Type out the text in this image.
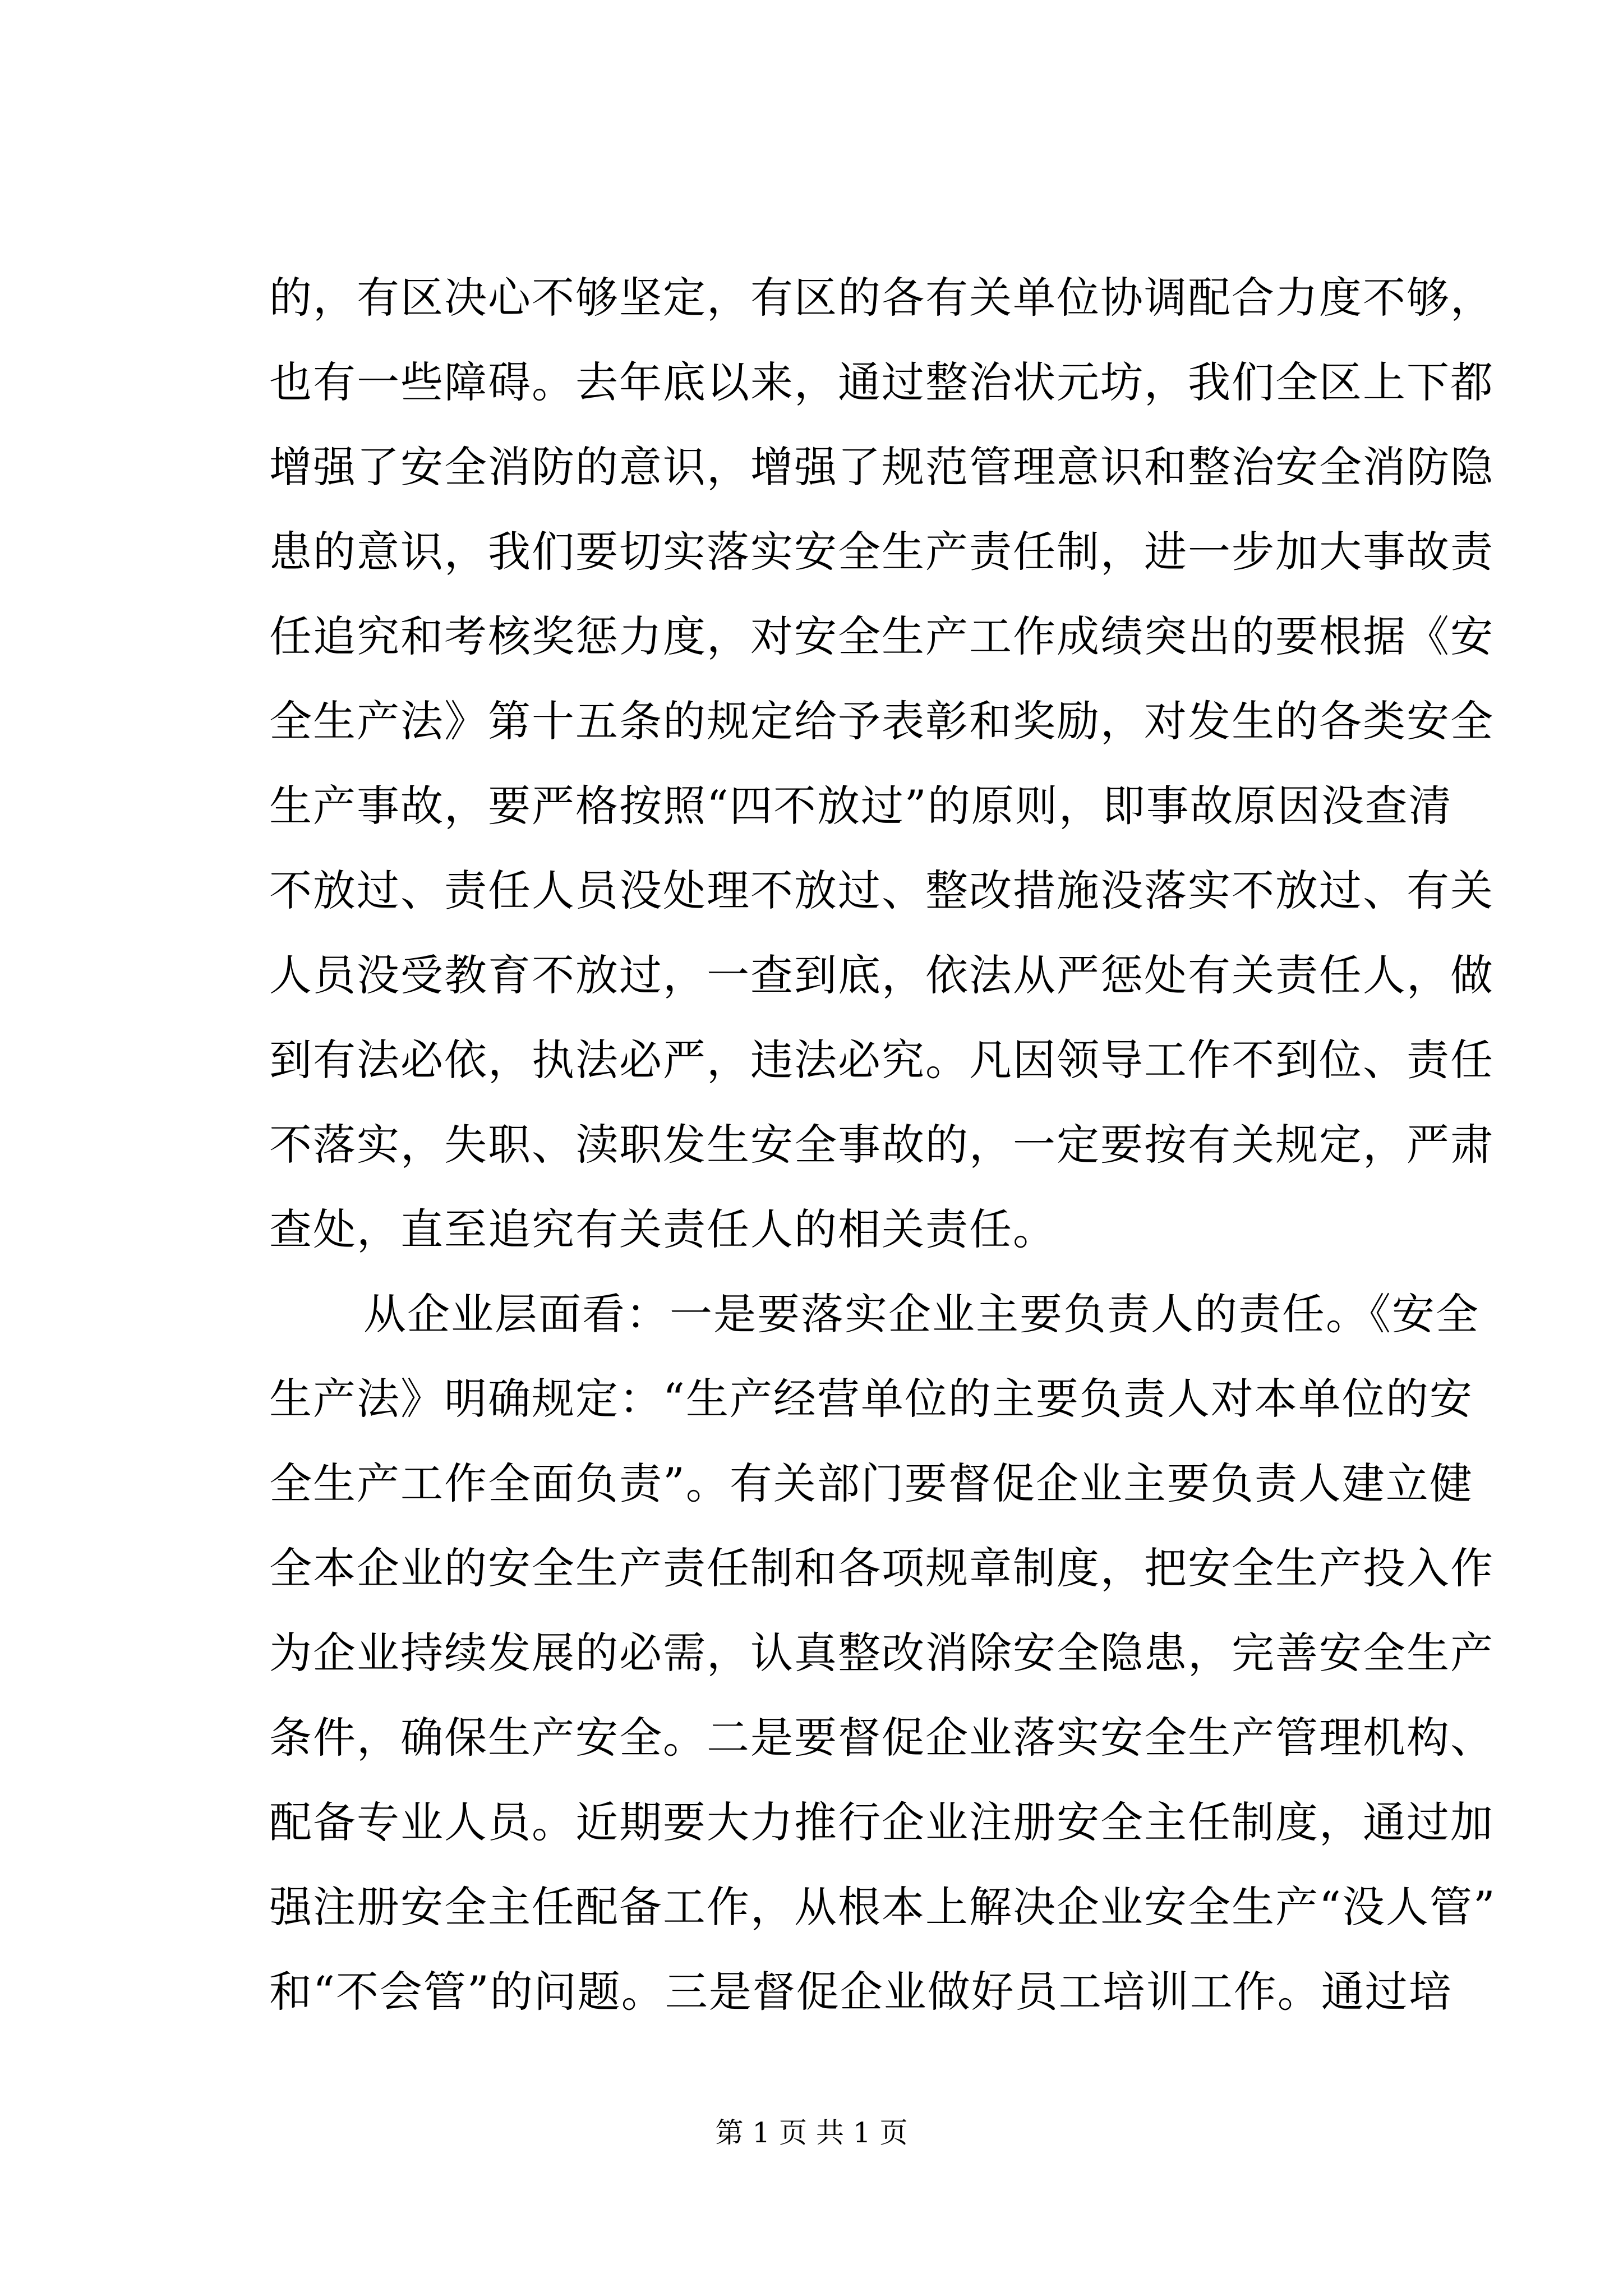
的，有区决心不够坚定，有区的各有关单位协调配合力度不够，
也有一些障碍。去年底以来，通过整治状元坊，我们全区上下都
增强了安全消防的意识，增强了规范管理意识和整治安全消防隐
患的意识，我们要切实落实安全生产责任制，进一步加大事故责
任追究和考核奖惩力度，对安全生产工作成绩突出的要根据《安
全生产法》第十五条的规定给予表彰和奖励，对发生的各类安全
生产事故，要严格按照“四不放过”的原则，即事故原因没查清
不放过、责任人员没处理不放过、整改措施没落实不放过、有关
人员没受教育不放过，一查到底，依法从严惩处有关责任人，做
到有法必依，执法必严，违法必究。凡因领导工作不到位、责任
不落实，失职、渎职发生安全事故的，一定要按有关规定，严肃
查处，直至追究有关责任人的相关责任。
从企业层面看：一是要落实企业主要负责人的责任。《安全
生产法》明确规定：“生产经营单位的主要负责人对本单位的安
全生产工作全面负责”。有关部门要督促企业主要负责人建立健
全本企业的安全生产责任制和各项规章制度，把安全生产投入作
为企业持续发展的必需，认真整改消除安全隐患，完善安全生产
条件，确保生产安全。二是要督促企业落实安全生产管理机构、
配备专业人员。近期要大力推行企业注册安全主任制度，通过加
强注册安全主任配备工作，从根本上解决企业安全生产“没人管”
和“不会管”的问题。三是督促企业做好员工培训工作。通过培
第 1 页 共 1 页
